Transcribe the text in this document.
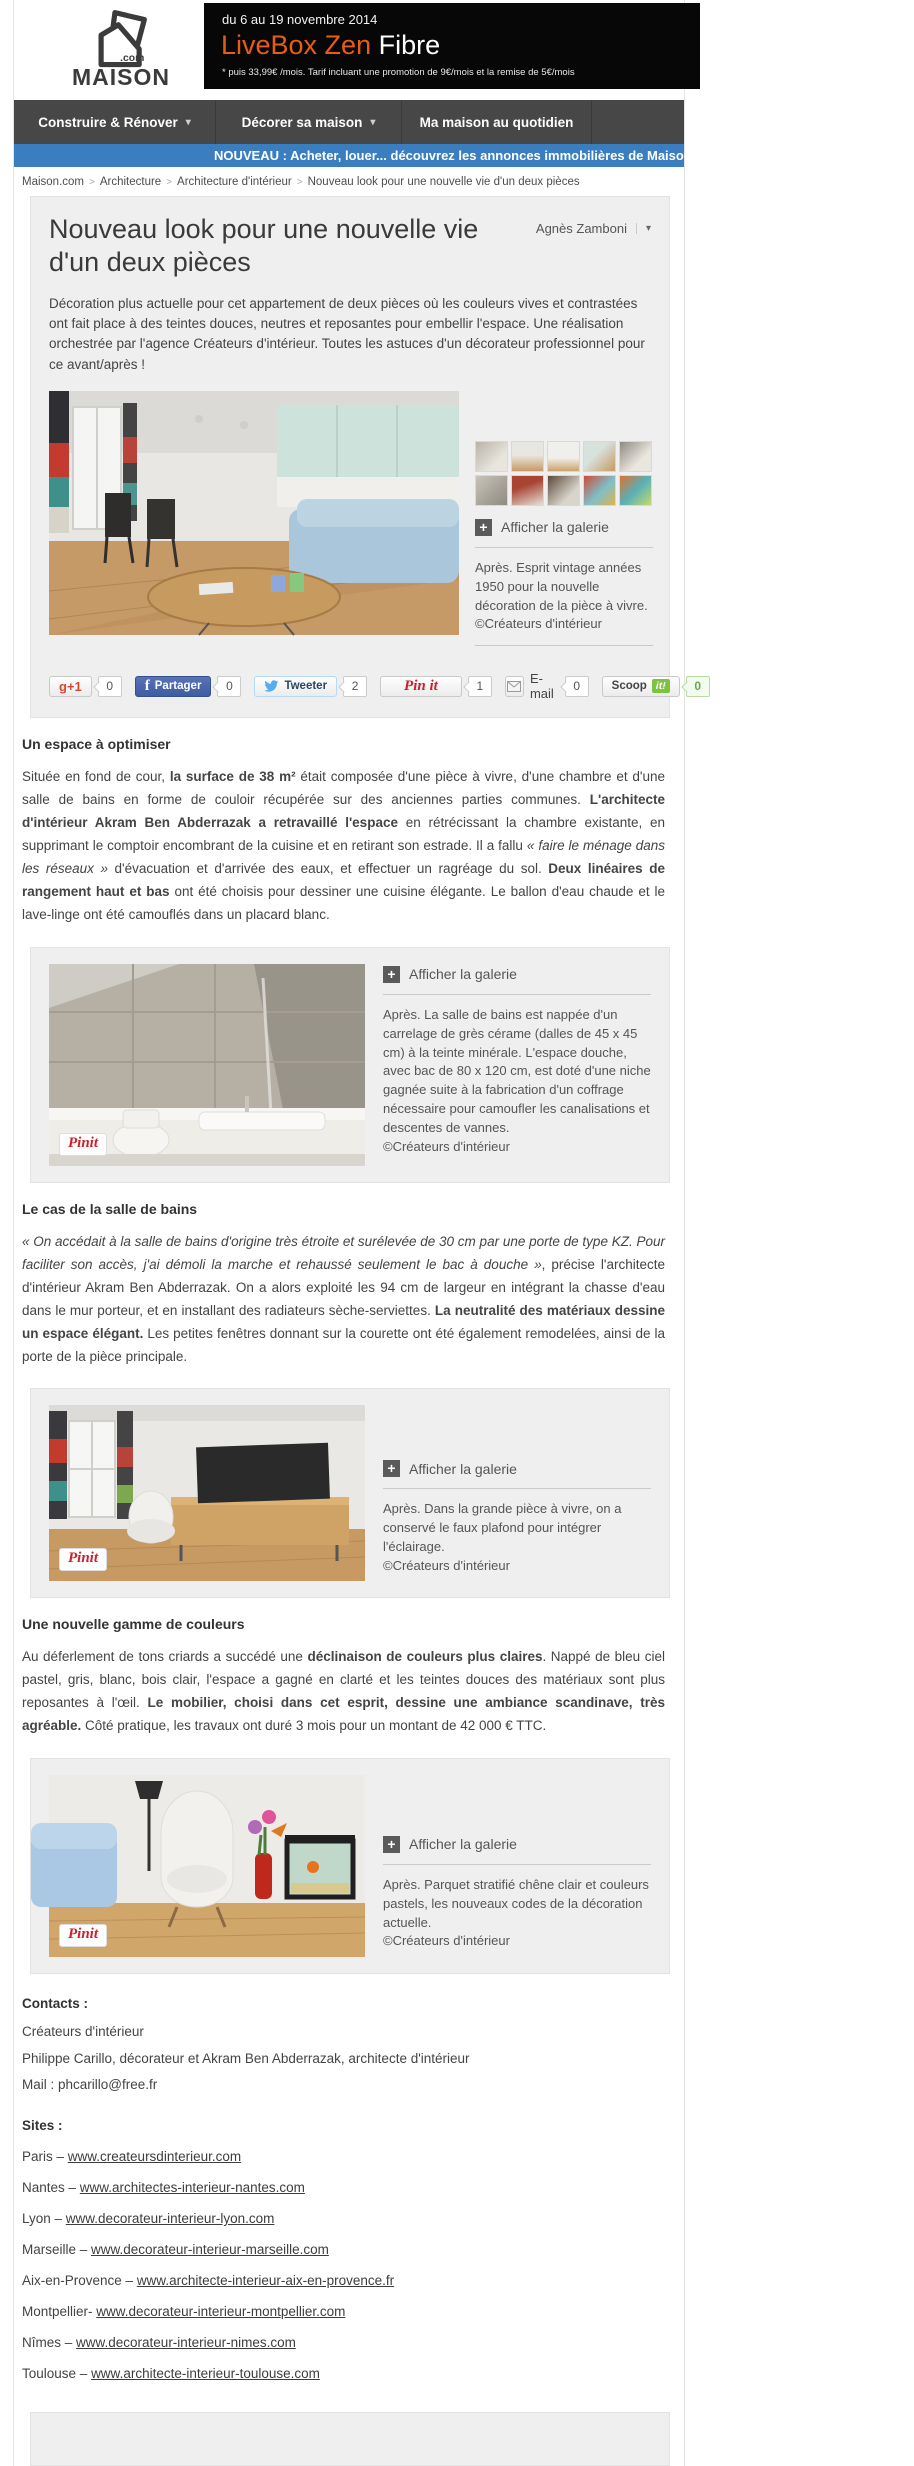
.com
MAISON
du 6 au 19 novembre 2014
LiveBox Zen Fibre
* puis 33,99€ /mois. Tarif incluant une promotion de 9€/mois et la remise de 5€/mois
Construire & Rénover ▾	Décorer sa maison ▾	Ma maison au quotidien
NOUVEAU : Acheter, louer... découvrez les annonces immobilières de Maison.com
Maison.com > Architecture > Architecture d'intérieur > Nouveau look pour une nouvelle vie d'un deux pièces
Nouveau look pour une nouvelle vie d'un deux pièces
Agnès Zamboni	▾

Décoration plus actuelle pour cet appartement de deux pièces où les couleurs vives et contrastées ont fait place à des teintes douces, neutres et reposantes pour embellir l'espace. Une réalisation orchestrée par l'agence Créateurs d'intérieur. Toutes les astuces d'un décorateur professionnel pour ce avant/après !

+ Afficher la galerie
Après. Esprit vintage années 1950 pour la nouvelle décoration de la pièce à vivre.
©Créateurs d'intérieur
g+1	0	f Partager	0	Tweeter	2	Pin it	1	E-mail
0	Scoop it!	0
Un espace à optimiser

Située en fond de cour, la surface de 38 m² était composée d'une pièce à vivre, d'une chambre et d'une salle de bains en forme de couloir récupérée sur des anciennes parties communes. L'architecte d'intérieur Akram Ben Abderrazak a retravaillé l'espace en rétrécissant la chambre existante, en supprimant le comptoir encombrant de la cuisine et en retirant son estrade. Il a fallu « faire le ménage dans les réseaux » d'évacuation et d'arrivée des eaux, et effectuer un ragréage du sol. Deux linéaires de rangement haut et bas ont été choisis pour dessiner une cuisine élégante. Le ballon d'eau chaude et le lave-linge ont été camouflés dans un placard blanc.

Pinit
+ Afficher la galerie
Après. La salle de bains est nappée d'un carrelage de grès cérame (dalles de 45 x 45 cm) à la teinte minérale. L'espace douche, avec bac de 80 x 120 cm, est doté d'une niche gagnée suite à la fabrication d'un coffrage nécessaire pour camoufler les canalisations et descentes de vannes.
©Créateurs d'intérieur
Le cas de la salle de bains

« On accédait à la salle de bains d'origine très étroite et surélevée de 30 cm par une porte de type KZ. Pour faciliter son accès, j'ai démoli la marche et rehaussé seulement le bac à douche », précise l'architecte d'intérieur Akram Ben Abderrazak. On a alors exploité les 94 cm de largeur en intégrant la chasse d'eau dans le mur porteur, et en installant des radiateurs sèche-serviettes. La neutralité des matériaux dessine un espace élégant. Les petites fenêtres donnant sur la courette ont été également remodelées, ainsi de la porte de la pièce principale.

Pinit
+ Afficher la galerie
Après. Dans la grande pièce à vivre, on a conservé le faux plafond pour intégrer l'éclairage.
©Créateurs d'intérieur
Une nouvelle gamme de couleurs

Au déferlement de tons criards a succédé une déclinaison de couleurs plus claires. Nappé de bleu ciel pastel, gris, blanc, bois clair, l'espace a gagné en clarté et les teintes douces des matériaux sont plus reposantes à l'œil. Le mobilier, choisi dans cet esprit, dessine une ambiance scandinave, très agréable. Côté pratique, les travaux ont duré 3 mois pour un montant de 42 000 € TTC.

Pinit
+ Afficher la galerie
Après. Parquet stratifié chêne clair et couleurs pastels, les nouveaux codes de la décoration actuelle.
©Créateurs d'intérieur
Contacts :
Créateurs d'intérieur
Philippe Carillo, décorateur et Akram Ben Abderrazak, architecte d'intérieur
Mail : phcarillo@free.fr
Sites :
Paris – www.createursdinterieur.com
Nantes – www.architectes-interieur-nantes.com
Lyon – www.decorateur-interieur-lyon.com
Marseille – www.decorateur-interieur-marseille.com
Aix-en-Provence – www.architecte-interieur-aix-en-provence.fr
Montpellier- www.decorateur-interieur-montpellier.com
Nîmes – www.decorateur-interieur-nimes.com
Toulouse – www.architecte-interieur-toulouse.com
